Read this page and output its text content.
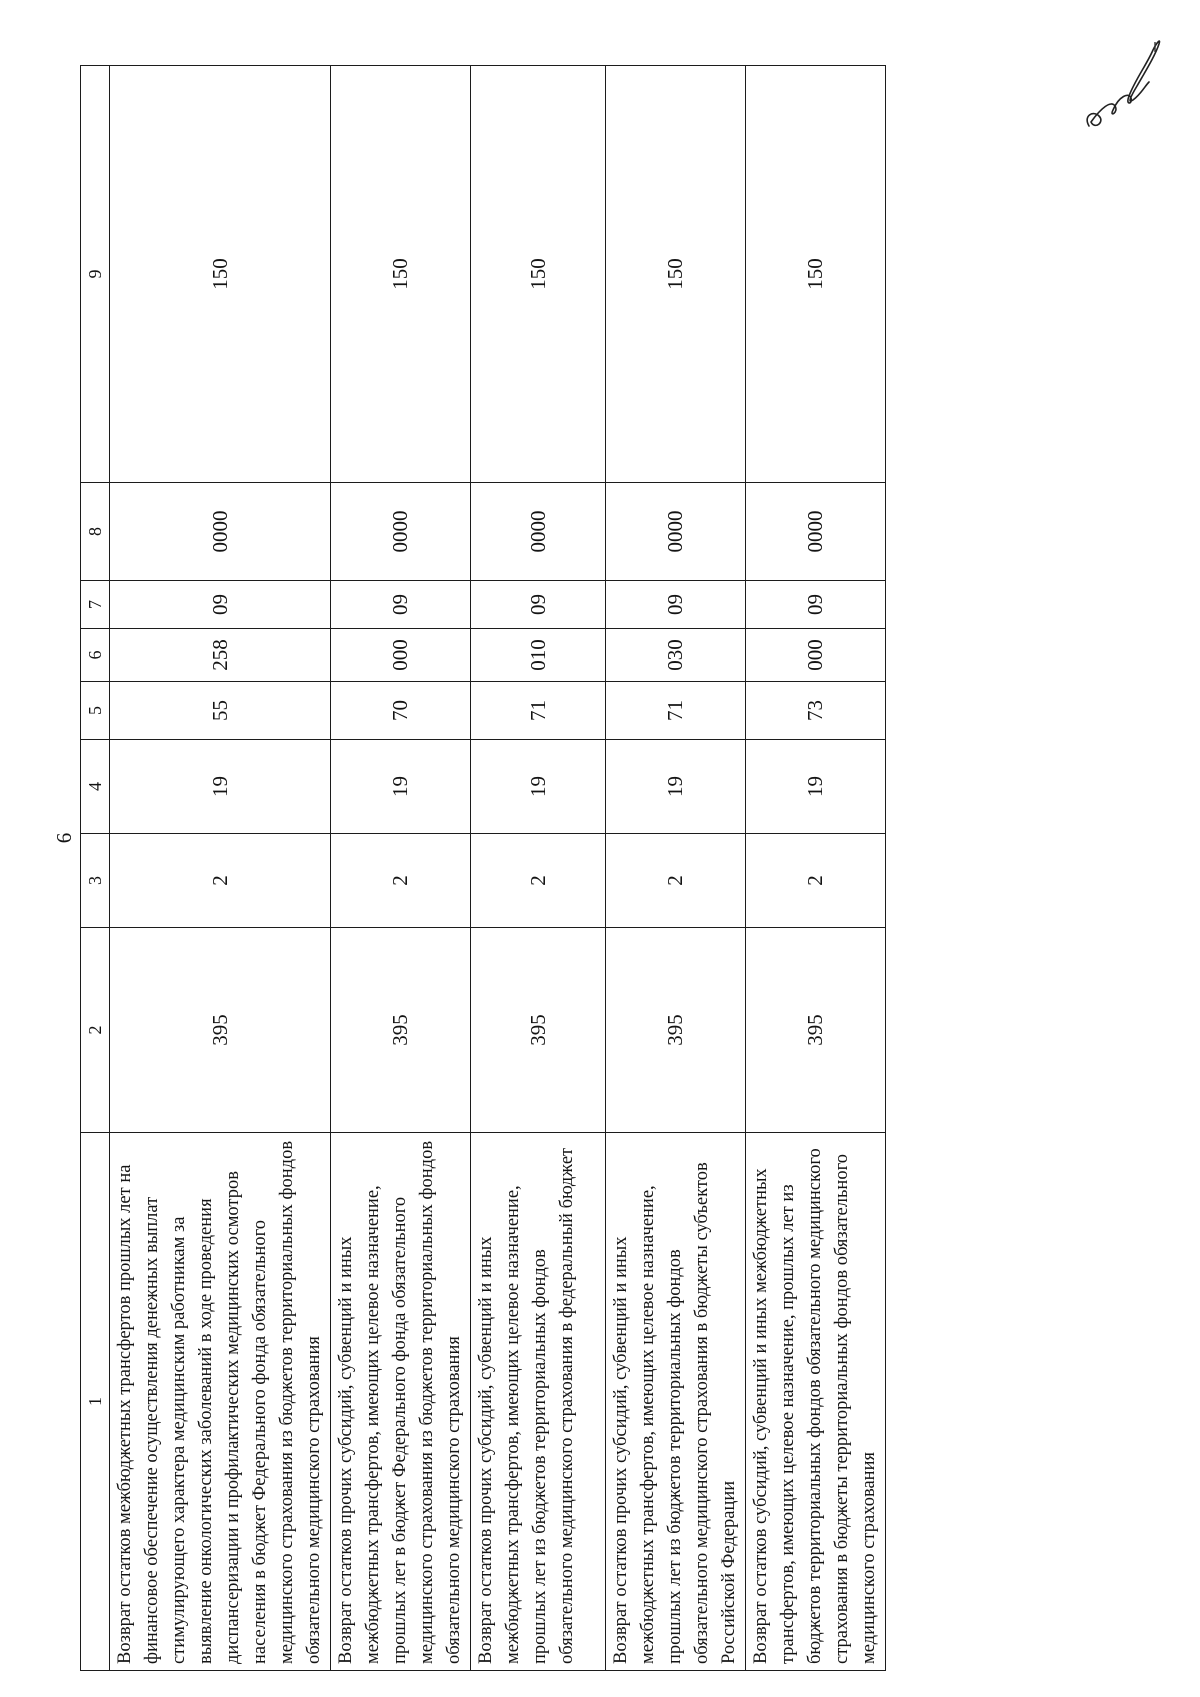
6
1	2	3	4	5	6	7	8	9
Возврат остатков межбюджетных трансфертов прошлых лет на финансовое обеспечение осуществления денежных выплат стимулирующего характера медицинским работникам за выявление онкологических заболеваний в ходе проведения диспансеризации и профилактических медицинских осмотров населения в бюджет Федерального фонда обязательного медицинского страхования из бюджетов территориальных фондов обязательного медицинского страхования	395	2	19	55	258	09	0000	150
Возврат остатков прочих субсидий, субвенций и иных межбюджетных трансфертов, имеющих целевое назначение, прошлых лет в бюджет Федерального фонда обязательного медицинского страхования из бюджетов территориальных фондов обязательного медицинского страхования	395	2	19	70	000	09	0000	150
Возврат остатков прочих субсидий, субвенций и иных межбюджетных трансфертов, имеющих целевое назначение, прошлых лет из бюджетов территориальных фондов обязательного медицинского страхования в федеральный бюджет	395	2	19	71	010	09	0000	150
Возврат остатков прочих субсидий, субвенций и иных межбюджетных трансфертов, имеющих целевое назначение, прошлых лет из бюджетов территориальных фондов обязательного медицинского страхования в бюджеты субъектов Российской Федерации	395	2	19	71	030	09	0000	150
Возврат остатков субсидий, субвенций и иных межбюджетных трансфертов, имеющих целевое назначение, прошлых лет из бюджетов территориальных фондов обязательного медицинского страхования в бюджеты территориальных фондов обязательного медицинского страхования	395	2	19	73	000	09	0000	150
